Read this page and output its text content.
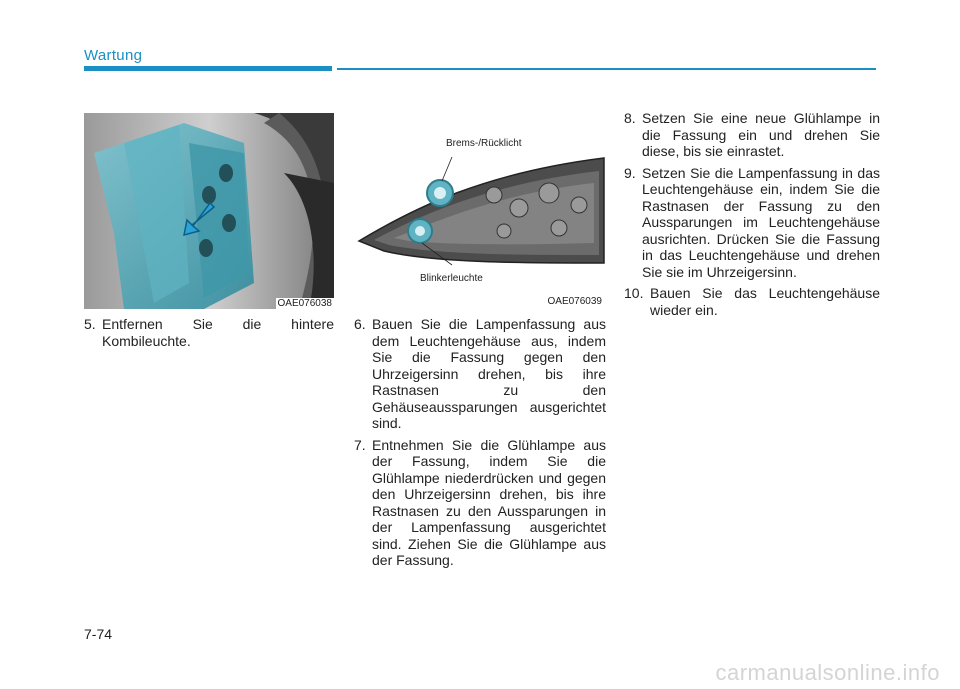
Wartung
OAE076038
Brems-/Rücklicht
Blinkerleuchte
OAE076039
5. Entfernen Sie die hintere Kombileuchte.
6. Bauen Sie die Lampenfassung aus dem Leuchtengehäuse aus, indem Sie die Fassung gegen den Uhrzeigersinn drehen, bis ihre Rastnasen zu den Gehäuseaussparungen ausgerichtet sind.
7. Entnehmen Sie die Glühlampe aus der Fassung, indem Sie die Glühlampe niederdrücken und gegen den Uhrzeigersinn drehen, bis ihre Rastnasen zu den Aussparungen in der Lampenfassung ausgerichtet sind. Ziehen Sie die Glühlampe aus der Fassung.
8. Setzen Sie eine neue Glühlampe in die Fassung ein und drehen Sie diese, bis sie einrastet.
9. Setzen Sie die Lampenfassung in das Leuchtengehäuse ein, indem Sie die Rastnasen der Fassung zu den Aussparungen im Leuchtengehäuse ausrichten. Drücken Sie die Fassung in das Leuchtengehäuse und drehen Sie sie im Uhrzeigersinn.
10. Bauen Sie das Leuchtengehäuse wieder ein.
7-74
carmanualsonline.info
